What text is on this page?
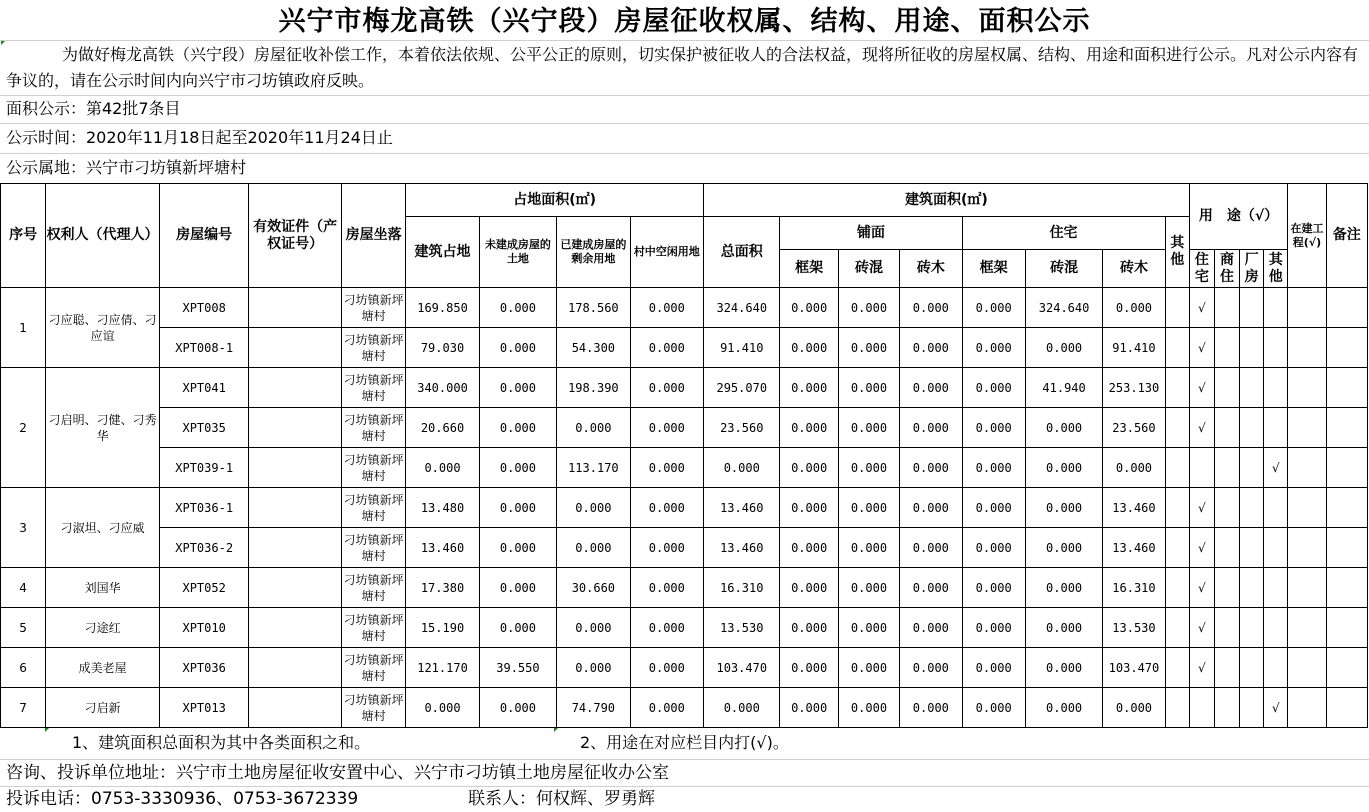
兴宁市梅龙高铁（兴宁段）房屋征收权属、结构、用途、面积公示
为做好梅龙高铁（兴宁段）房屋征收补偿工作，本着依法依规、公平公正的原则，切实保护被征收人的合法权益，现将所征收的房屋权属、结构、用途和面积进行公示。凡对公示内容有争议的，请在公示时间内向兴宁市刁坊镇政府反映。
面积公示：第42批7条目
公示时间：2020年11月18日起至2020年11月24日止
公示属地：兴宁市刁坊镇新坪塘村
序号	权利人（代理人）	房屋编号	有效证件（产权证号）	房屋坐落	占地面积(㎡)				建筑面积(㎡)								用　途（√）				在建工程(√)	备注
					建筑占地	未建成房屋的土地	已建成房屋的剩余用地	村中空闲用地	总面积	铺面			住宅			其他						
										框架	砖混	砖木	框架	砖混	砖木		住宅	商住	厂房	其他		
1	刁应聪、刁应倩、刁应谊	XPT008		刁坊镇新坪塘村	169.850	0.000	178.560	0.000	324.640	0.000	0.000	0.000	0.000	324.640	0.000		√					
		XPT008-1		刁坊镇新坪塘村	79.030	0.000	54.300	0.000	91.410	0.000	0.000	0.000	0.000	0.000	91.410		√					
2	刁启明、刁健、刁秀华	XPT041		刁坊镇新坪塘村	340.000	0.000	198.390	0.000	295.070	0.000	0.000	0.000	0.000	41.940	253.130		√					
		XPT035		刁坊镇新坪塘村	20.660	0.000	0.000	0.000	23.560	0.000	0.000	0.000	0.000	0.000	23.560		√					
		XPT039-1		刁坊镇新坪塘村	0.000	0.000	113.170	0.000	0.000	0.000	0.000	0.000	0.000	0.000	0.000					√		
3	刁淑坦、刁应威	XPT036-1		刁坊镇新坪塘村	13.480	0.000	0.000	0.000	13.460	0.000	0.000	0.000	0.000	0.000	13.460		√					
		XPT036-2		刁坊镇新坪塘村	13.460	0.000	0.000	0.000	13.460	0.000	0.000	0.000	0.000	0.000	13.460		√					
4	刘国华	XPT052		刁坊镇新坪塘村	17.380	0.000	30.660	0.000	16.310	0.000	0.000	0.000	0.000	0.000	16.310		√					
5	刁途红	XPT010		刁坊镇新坪塘村	15.190	0.000	0.000	0.000	13.530	0.000	0.000	0.000	0.000	0.000	13.530		√					
6	成美老屋	XPT036		刁坊镇新坪塘村	121.170	39.550	0.000	0.000	103.470	0.000	0.000	0.000	0.000	0.000	103.470		√					
7	刁启新	XPT013		刁坊镇新坪塘村	0.000	0.000	74.790	0.000	0.000	0.000	0.000	0.000	0.000	0.000	0.000					√		
1、建筑面积总面积为其中各类面积之和。	2、用途在对应栏目内打(√)。
咨询、投诉单位地址：兴宁市土地房屋征收安置中心、兴宁市刁坊镇土地房屋征收办公室
投诉电话：0753-3330936、0753-3672339	联系人：何权辉、罗勇辉
